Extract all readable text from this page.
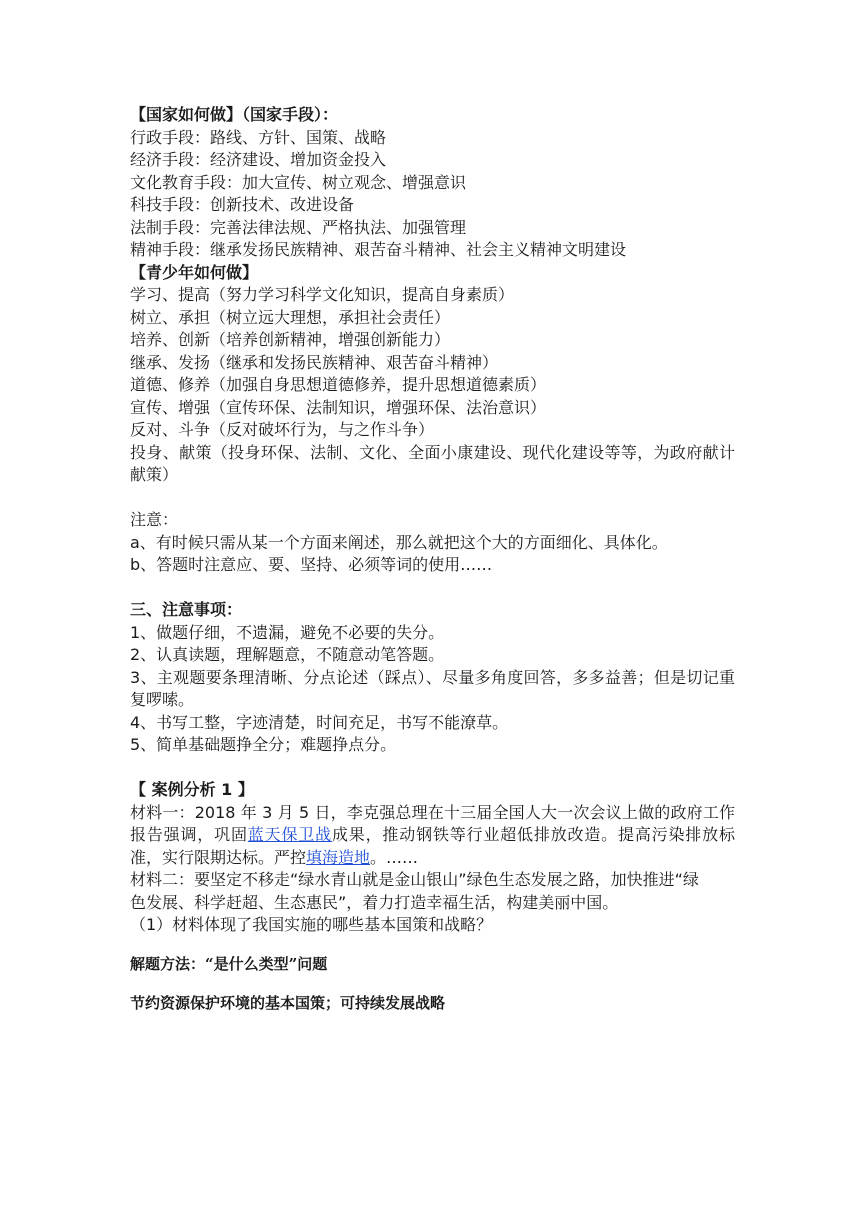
【国家如何做】（国家手段）：

行政手段：路线、方针、国策、战略

经济手段：经济建设、增加资金投入

文化教育手段：加大宣传、树立观念、增强意识

科技手段：创新技术、改进设备

法制手段：完善法律法规、严格执法、加强管理

精神手段：继承发扬民族精神、艰苦奋斗精神、社会主义精神文明建设

【青少年如何做】

学习、提高（努力学习科学文化知识，提高自身素质）

树立、承担（树立远大理想，承担社会责任）

培养、创新（培养创新精神，增强创新能力）

继承、发扬（继承和发扬民族精神、艰苦奋斗精神）

道德、修养（加强自身思想道德修养，提升思想道德素质）

宣传、增强（宣传环保、法制知识，增强环保、法治意识）

反对、斗争（反对破坏行为，与之作斗争）

投身、献策（投身环保、法制、文化、全面小康建设、现代化建设等等，为政府献计献策）

注意：

a、有时候只需从某一个方面来阐述，那么就把这个大的方面细化、具体化。

b、答题时注意应、要、坚持、必须等词的使用……

三、注意事项：

1、做题仔细，不遗漏，避免不必要的失分。

2、认真读题，理解题意，不随意动笔答题。

3、主观题要条理清晰、分点论述（踩点）、尽量多角度回答，多多益善；但是切记重复啰嗦。

4、书写工整，字迹清楚，时间充足，书写不能潦草。

5、简单基础题挣全分；难题挣点分。

【 案例分析 1 】

材料一：2018 年 3 月 5 日，李克强总理在十三届全国人大一次会议上做的政府工作报告强调，巩固蓝天保卫战成果，推动钢铁等行业超低排放改造。提高污染排放标准，实行限期达标。严控填海造地。……

材料二：要坚定不移走“绿水青山就是金山银山”绿色生态发展之路，加快推进“绿

色发展、科学赶超、生态惠民”，着力打造幸福生活，构建美丽中国。

（1）材料体现了我国实施的哪些基本国策和战略？

解题方法：“是什么类型”问题

节约资源保护环境的基本国策；可持续发展战略
